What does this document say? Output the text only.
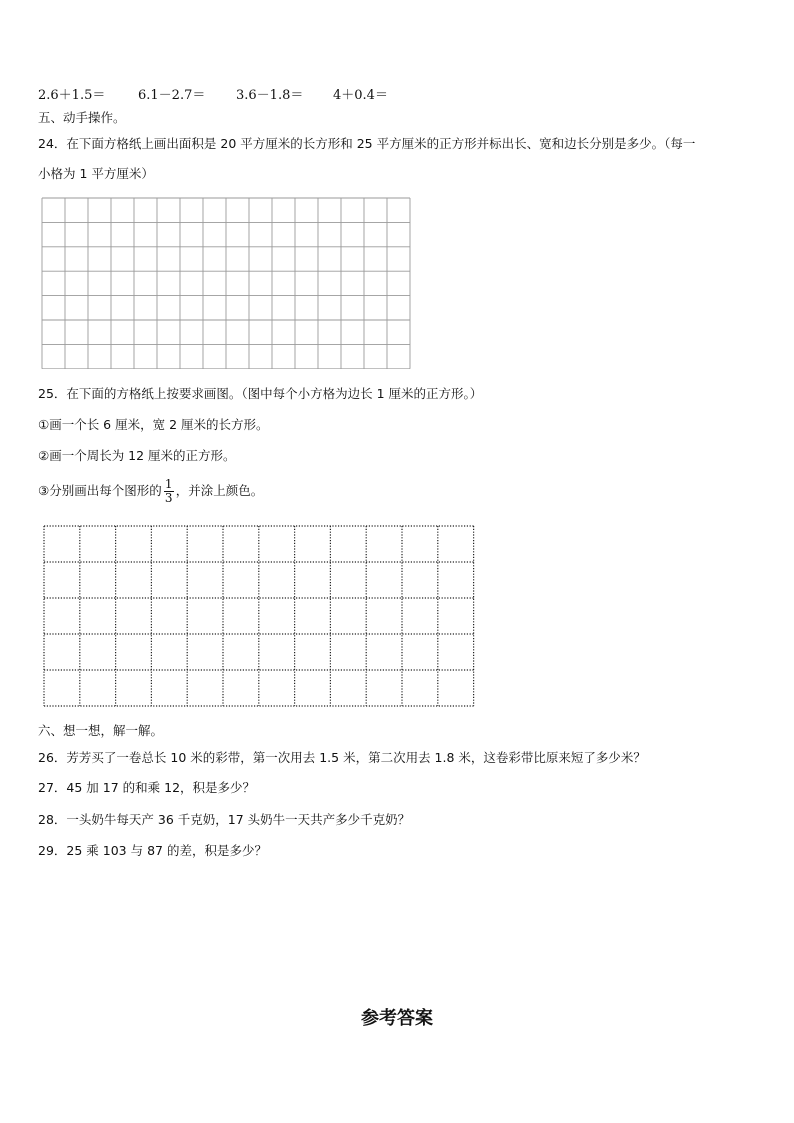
2.6＋1.5＝	6.1－2.7＝ 3.6－1.8＝ 4＋0.4＝
五、动手操作。
24．在下面方格纸上画出面积是 20 平方厘米的长方形和 25 平方厘米的正方形并标出长、宽和边长分别是多少。（每一
小格为 1 平方厘米）
25．在下面的方格纸上按要求画图。（图中每个小方格为边长 1 厘米的正方形。）
①画一个长 6 厘米，宽 2 厘米的长方形。
②画一个周长为 12 厘米的正方形。
③分别画出每个图形的 $\frac{1}{3}$ ，并涂上颜色。
六、想一想，解一解。
26．芳芳买了一卷总长 10 米的彩带，第一次用去 1.5 米，第二次用去 1.8 米，这卷彩带比原来短了多少米？
27．45 加 17 的和乘 12，积是多少？
28．一头奶牛每天产 36 千克奶，17 头奶牛一天共产多少千克奶？
29．25 乘 103 与 87 的差，积是多少？
参考答案
